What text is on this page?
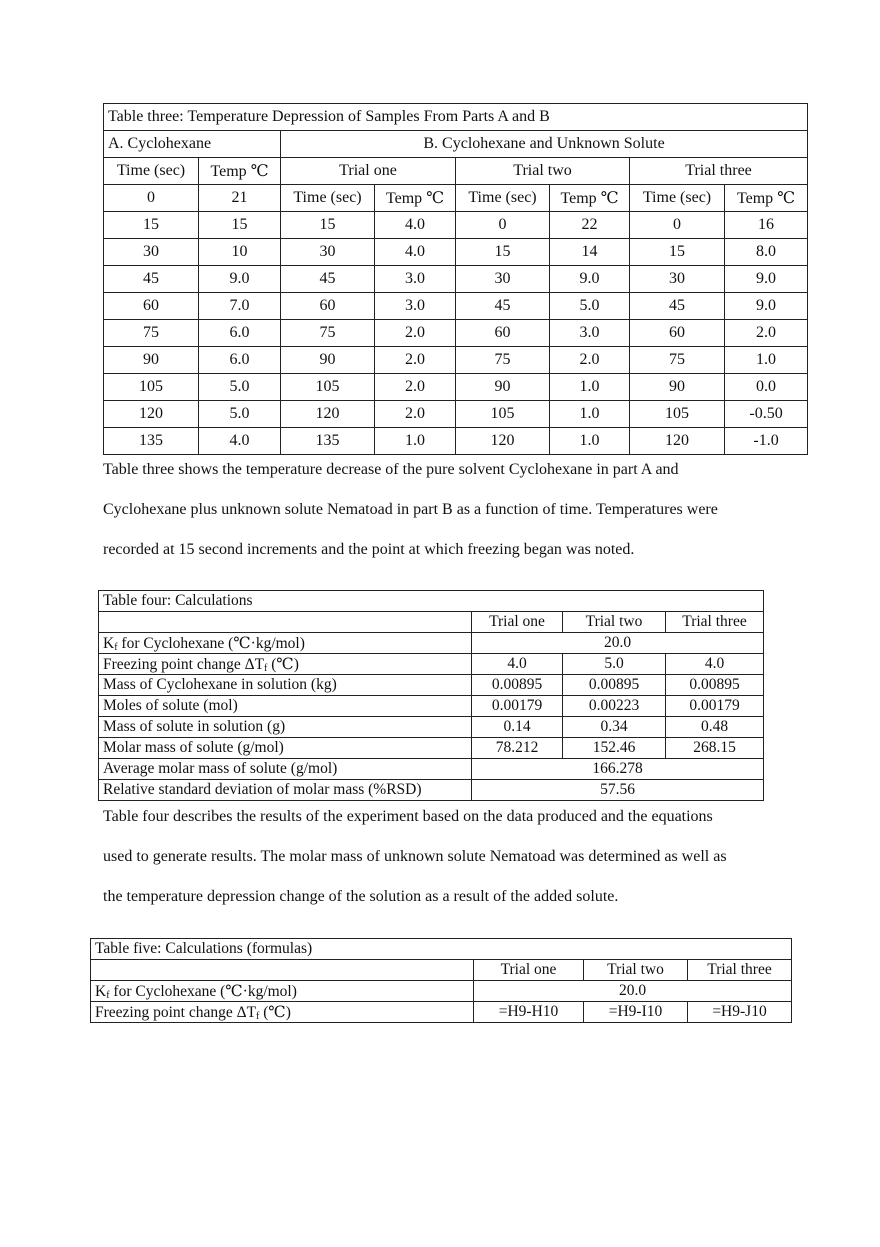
Table three: Temperature Depression of Samples From Parts A and B							
A. Cyclohexane		B. Cyclohexane and Unknown Solute					
Time (sec)	Temp ℃	Trial one		Trial two		Trial three	
0	21	Time (sec)	Temp ℃	Time (sec)	Temp ℃	Time (sec)	Temp ℃
15	15	15	4.0	0	22	0	16
30	10	30	4.0	15	14	15	8.0
45	9.0	45	3.0	30	9.0	30	9.0
60	7.0	60	3.0	45	5.0	45	9.0
75	6.0	75	2.0	60	3.0	60	2.0
90	6.0	90	2.0	75	2.0	75	1.0
105	5.0	105	2.0	90	1.0	90	0.0
120	5.0	120	2.0	105	1.0	105	-0.50
135	4.0	135	1.0	120	1.0	120	-1.0
Table three shows the temperature decrease of the pure solvent Cyclohexane in part A and
Cyclohexane plus unknown solute Nematoad in part B as a function of time. Temperatures were
recorded at 15 second increments and the point at which freezing began was noted.
Table four: Calculations			
	Trial one	Trial two	Trial three
$K_f$ for Cyclohexane (℃·kg/mol)	20.0		
Freezing point change $\Delta T_f$ (℃)	4.0	5.0	4.0
Mass of Cyclohexane in solution (kg)	0.00895	0.00895	0.00895
Moles of solute (mol)	0.00179	0.00223	0.00179
Mass of solute in solution (g)	0.14	0.34	0.48
Molar mass of solute (g/mol)	78.212	152.46	268.15
Average molar mass of solute (g/mol)	166.278		
Relative standard deviation of molar mass (%RSD)	57.56		
Table four describes the results of the experiment based on the data produced and the equations
used to generate results. The molar mass of unknown solute Nematoad was determined as well as
the temperature depression change of the solution as a result of the added solute.
Table five: Calculations (formulas)			
	Trial one	Trial two	Trial three
$K_f$ for Cyclohexane (℃·kg/mol)	20.0		
Freezing point change $\Delta T_f$ (℃)	=H9-H10	=H9-I10	=H9-J10
